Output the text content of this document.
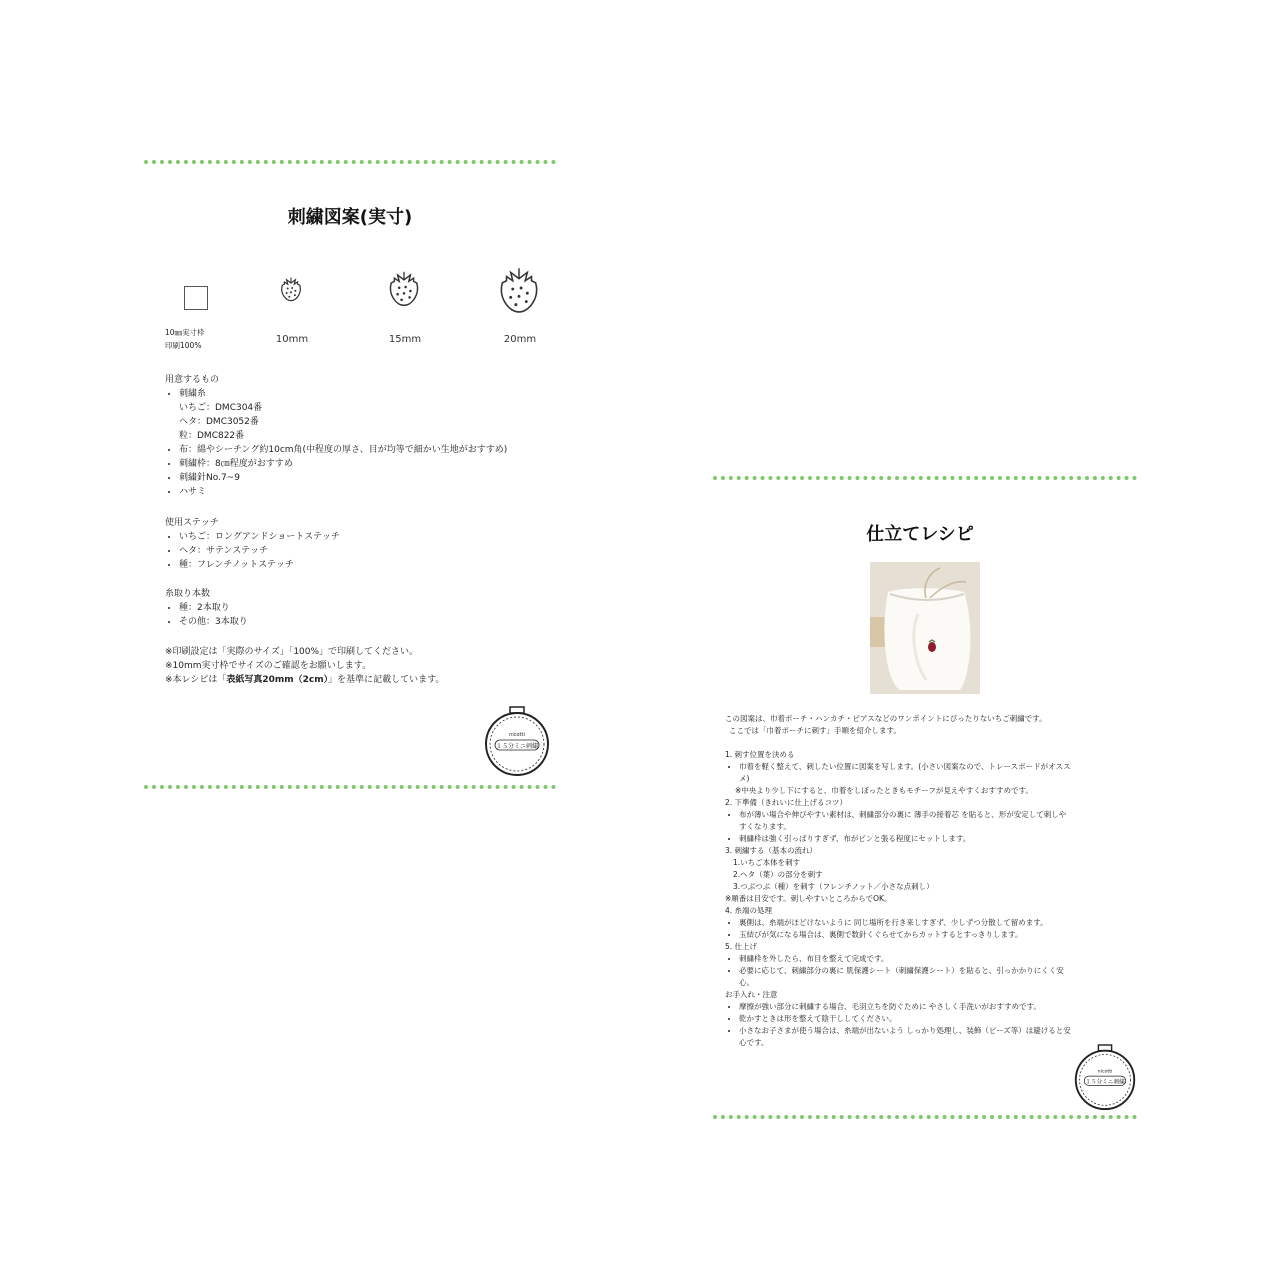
刺繍図案(実寸)
10㎜実寸枠
印刷100%
10mm	15mm	20mm
用意するもの
• 刺繍糸
いちご：DMC304番
ヘタ：DMC3052番
粒：DMC822番
• 布：綿やシーチング約10cm角(中程度の厚さ、目が均等で細かい生地がおすすめ)
• 刺繍枠：8㎝程度がおすすめ
• 刺繍針No.7~9
• ハサミ
使用ステッチ
• いちご：ロングアンドショートステッチ
• ヘタ：サテンステッチ
• 種：フレンチノットステッチ
糸取り本数
• 種：2本取り
• その他：3本取り
※印刷設定は「実際のサイズ」「100%」で印刷してください。
※10mm実寸枠でサイズのご確認をお願いします。
※本レシピは「表紙写真20mm（2cm）」を基準に記載しています。
nicotti
１５分ミニ刺繍
仕立てレシピ
この図案は、巾着ポーチ・ハンカチ・ピアスなどのワンポイントにぴったりないちご刺繍です。
ここでは「巾着ポーチに刺す」手順を紹介します。
1. 刺す位置を決める
• 巾着を軽く整えて、刺したい位置に図案を写します。(小さい図案なので、トレースボードがオスス
メ)
※中央より少し下にすると、巾着をしぼったときもモチーフが見えやすくおすすめです。
2. 下準備（きれいに仕上げるコツ）
• 布が薄い場合や伸びやすい素材は、刺繍部分の裏に 薄手の接着芯 を貼ると、形が安定して刺しや
すくなります。
• 刺繍枠は強く引っぱりすぎず、布がピンと張る程度にセットします。
3. 刺繍する（基本の流れ）
1.いちご本体を刺す
2.ヘタ（葉）の部分を刺す
3.つぶつぶ（種）を刺す（フレンチノット／小さな点刺し）
※順番は目安です。刺しやすいところからでOK。
4. 糸端の処理
• 裏側は、糸端がほどけないように 同じ場所を行き来しすぎず、少しずつ分散して留めます。
• 玉結びが気になる場合は、裏側で数針くぐらせてからカットするとすっきりします。
5. 仕上げ
• 刺繍枠を外したら、布目を整えて完成です。
• 必要に応じて、刺繍部分の裏に 肌保護シート（刺繍保護シート）を貼ると、引っかかりにくく安
心。
お手入れ・注意
• 摩擦が強い部分に刺繍する場合、毛羽立ちを防ぐために やさしく手洗いがおすすめです。
• 乾かすときは形を整えて陰干ししてください。
• 小さなお子さまが使う場合は、糸端が出ないよう しっかり処理し、装飾（ビーズ等）は避けると安
心です。
nicotti
１５分ミニ刺繍
